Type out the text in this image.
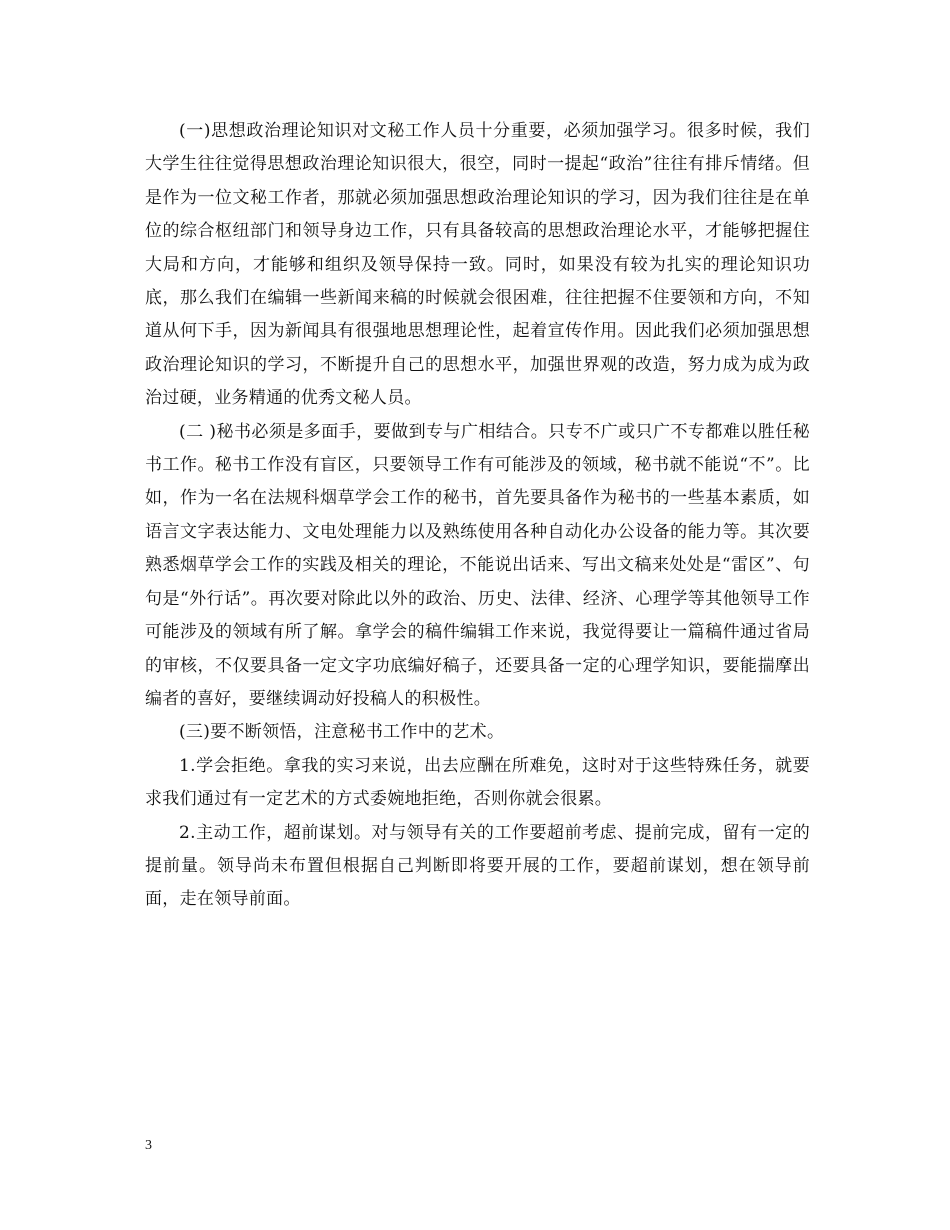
(一)思想政治理论知识对文秘工作人员十分重要，必须加强学习。很多时候，我们大学生往往觉得思想政治理论知识很大，很空，同时一提起“政治”往往有排斥情绪。但是作为一位文秘工作者，那就必须加强思想政治理论知识的学习，因为我们往往是在单位的综合枢纽部门和领导身边工作，只有具备较高的思想政治理论水平，才能够把握住大局和方向，才能够和组织及领导保持一致。同时，如果没有较为扎实的理论知识功底，那么我们在编辑一些新闻来稿的时候就会很困难，往往把握不住要领和方向，不知道从何下手，因为新闻具有很强地思想理论性，起着宣传作用。因此我们必须加强思想政治理论知识的学习，不断提升自己的思想水平，加强世界观的改造，努力成为成为政治过硬，业务精通的优秀文秘人员。

(二 )秘书必须是多面手，要做到专与广相结合。只专不广或只广不专都难以胜任秘书工作。秘书工作没有盲区，只要领导工作有可能涉及的领域，秘书就不能说“不”。比如，作为一名在法规科烟草学会工作的秘书，首先要具备作为秘书的一些基本素质，如语言文字表达能力、文电处理能力以及熟练使用各种自动化办公设备的能力等。其次要熟悉烟草学会工作的实践及相关的理论，不能说出话来、写出文稿来处处是“雷区”、句句是“外行话”。再次要对除此以外的政治、历史、法律、经济、心理学等其他领导工作可能涉及的领域有所了解。拿学会的稿件编辑工作来说，我觉得要让一篇稿件通过省局的审核，不仅要具备一定文字功底编好稿子，还要具备一定的心理学知识，要能揣摩出编者的喜好，要继续调动好投稿人的积极性。

(三)要不断领悟，注意秘书工作中的艺术。

1.学会拒绝。拿我的实习来说，出去应酬在所难免，这时对于这些特殊任务，就要求我们通过有一定艺术的方式委婉地拒绝，否则你就会很累。

2.主动工作，超前谋划。对与领导有关的工作要超前考虑、提前完成，留有一定的提前量。领导尚未布置但根据自己判断即将要开展的工作，要超前谋划，想在领导前面，走在领导前面。

3
